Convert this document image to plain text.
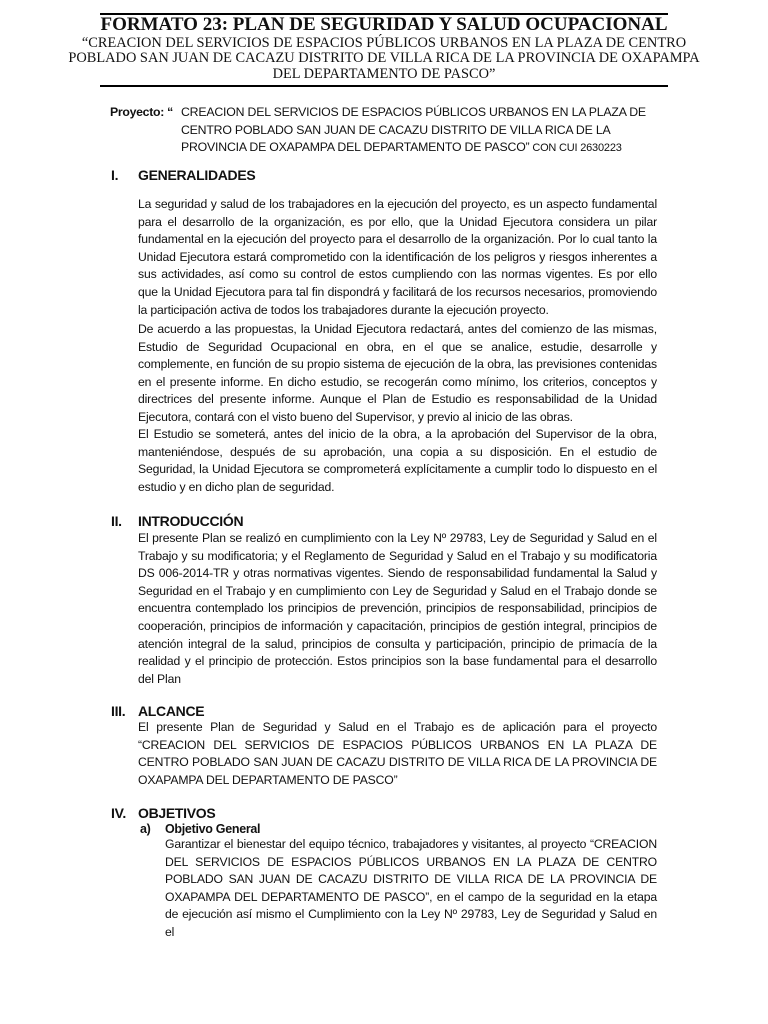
FORMATO 23: PLAN DE SEGURIDAD Y SALUD OCUPACIONAL

“CREACION DEL SERVICIOS DE ESPACIOS PÚBLICOS URBANOS EN LA PLAZA DE CENTRO POBLADO SAN JUAN DE CACAZU DISTRITO DE VILLA RICA DE LA PROVINCIA DE OXAPAMPA DEL DEPARTAMENTO DE PASCO”

Proyecto: “ CREACION DEL SERVICIOS DE ESPACIOS PÚBLICOS URBANOS EN LA PLAZA DE CENTRO POBLADO SAN JUAN DE CACAZU DISTRITO DE VILLA RICA DE LA PROVINCIA DE OXAPAMPA DEL DEPARTAMENTO DE PASCO” CON CUI 2630223
I. GENERALIDADES

La seguridad y salud de los trabajadores en la ejecución del proyecto, es un aspecto fundamental para el desarrollo de la organización, es por ello, que la Unidad Ejecutora considera un pilar fundamental en la ejecución del proyecto para el desarrollo de la organización. Por lo cual tanto la Unidad Ejecutora estará comprometido con la identificación de los peligros y riesgos inherentes a sus actividades, así como su control de estos cumpliendo con las normas vigentes. Es por ello que la Unidad Ejecutora para tal fin dispondrá y facilitará de los recursos necesarios, promoviendo la participación activa de todos los trabajadores durante la ejecución proyecto.

De acuerdo a las propuestas, la Unidad Ejecutora redactará, antes del comienzo de las mismas, Estudio de Seguridad Ocupacional en obra, en el que se analice, estudie, desarrolle y complemente, en función de su propio sistema de ejecución de la obra, las previsiones contenidas en el presente informe. En dicho estudio, se recogerán como mínimo, los criterios, conceptos y directrices del presente informe. Aunque el Plan de Estudio es responsabilidad de la Unidad Ejecutora, contará con el visto bueno del Supervisor, y previo al inicio de las obras.

El Estudio se someterá, antes del inicio de la obra, a la aprobación del Supervisor de la obra, manteniéndose, después de su aprobación, una copia a su disposición. En el estudio de Seguridad, la Unidad Ejecutora se comprometerá explícitamente a cumplir todo lo dispuesto en el estudio y en dicho plan de seguridad.

II. INTRODUCCIÓN

El presente Plan se realizó en cumplimiento con la Ley Nº 29783, Ley de Seguridad y Salud en el Trabajo y su modificatoria; y el Reglamento de Seguridad y Salud en el Trabajo y su modificatoria DS 006-2014-TR y otras normativas vigentes. Siendo de responsabilidad fundamental la Salud y Seguridad en el Trabajo y en cumplimiento con Ley de Seguridad y Salud en el Trabajo donde se encuentra contemplado los principios de prevención, principios de responsabilidad, principios de cooperación, principios de información y capacitación, principios de gestión integral, principios de atención integral de la salud, principios de consulta y participación, principio de primacía de la realidad y el principio de protección. Estos principios son la base fundamental para el desarrollo del Plan

III. ALCANCE

El presente Plan de Seguridad y Salud en el Trabajo es de aplicación para el proyecto “CREACION DEL SERVICIOS DE ESPACIOS PÚBLICOS URBANOS EN LA PLAZA DE CENTRO POBLADO SAN JUAN DE CACAZU DISTRITO DE VILLA RICA DE LA PROVINCIA DE OXAPAMPA DEL DEPARTAMENTO DE PASCO”

IV. OBJETIVOS
a) Objetivo General

Garantizar el bienestar del equipo técnico, trabajadores y visitantes, al proyecto “CREACION DEL SERVICIOS DE ESPACIOS PÚBLICOS URBANOS EN LA PLAZA DE CENTRO POBLADO SAN JUAN DE CACAZU DISTRITO DE VILLA RICA DE LA PROVINCIA DE OXAPAMPA DEL DEPARTAMENTO DE PASCO”, en el campo de la seguridad en la etapa de ejecución así mismo el Cumplimiento con la Ley Nº 29783, Ley de Seguridad y Salud en el
